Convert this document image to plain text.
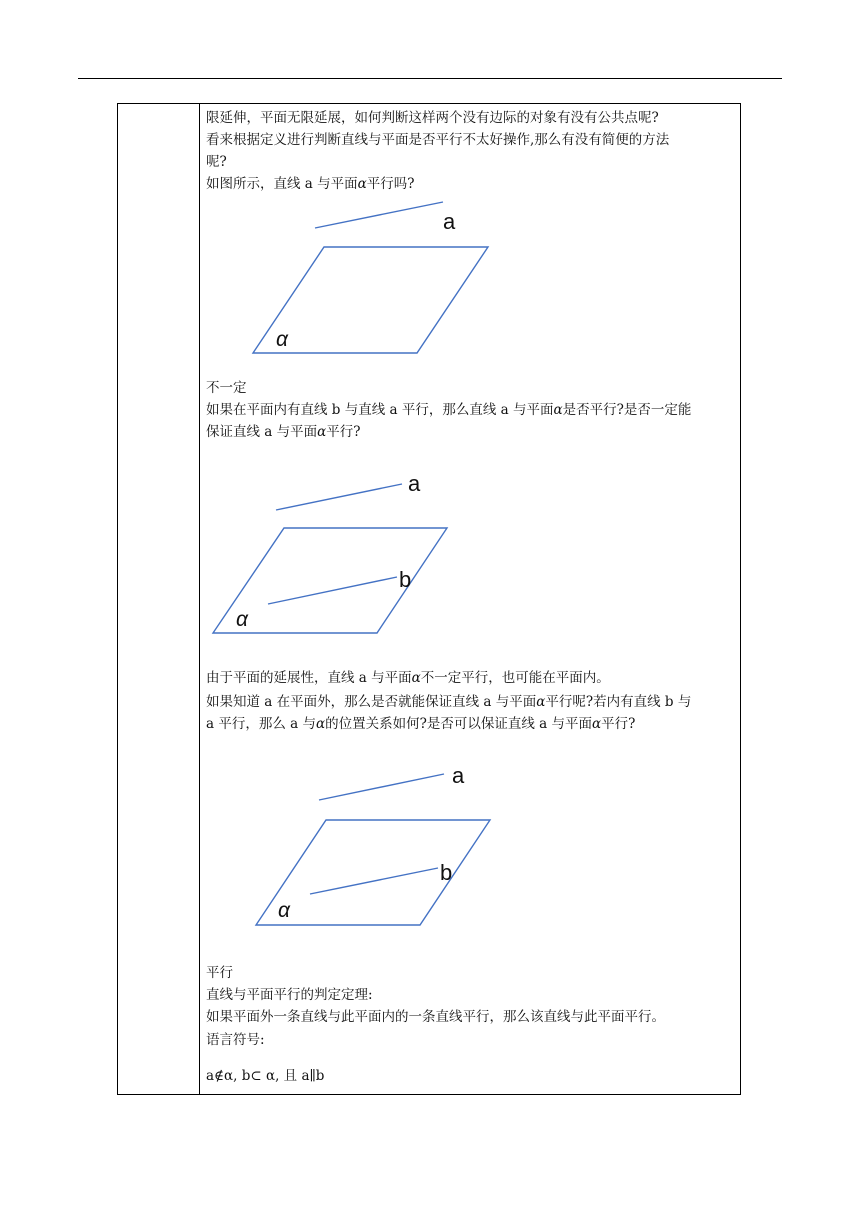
限延伸，平面无限延展，如何判断这样两个没有边际的对象有没有公共点呢?
看来根据定义进行判断直线与平面是否平行不太好操作,那么有没有简便的方法
呢?
如图所示，直线 a 与平面α平行吗?
a
α
不一定
如果在平面内有直线 b 与直线 a 平行，那么直线 a 与平面α是否平行?是否一定能
保证直线 a 与平面α平行?
a
b
α
由于平面的延展性，直线 a 与平面α不一定平行，也可能在平面内。
如果知道 a 在平面外，那么是否就能保证直线 a 与平面α平行呢?若内有直线 b 与
a 平行，那么 a 与α的位置关系如何?是否可以保证直线 a 与平面α平行?
a
b
α
平行
直线与平面平行的判定定理:
如果平面外一条直线与此平面内的一条直线平行，那么该直线与此平面平行。
语言符号:
a∉α, b⊂ α, 且 a∥b
